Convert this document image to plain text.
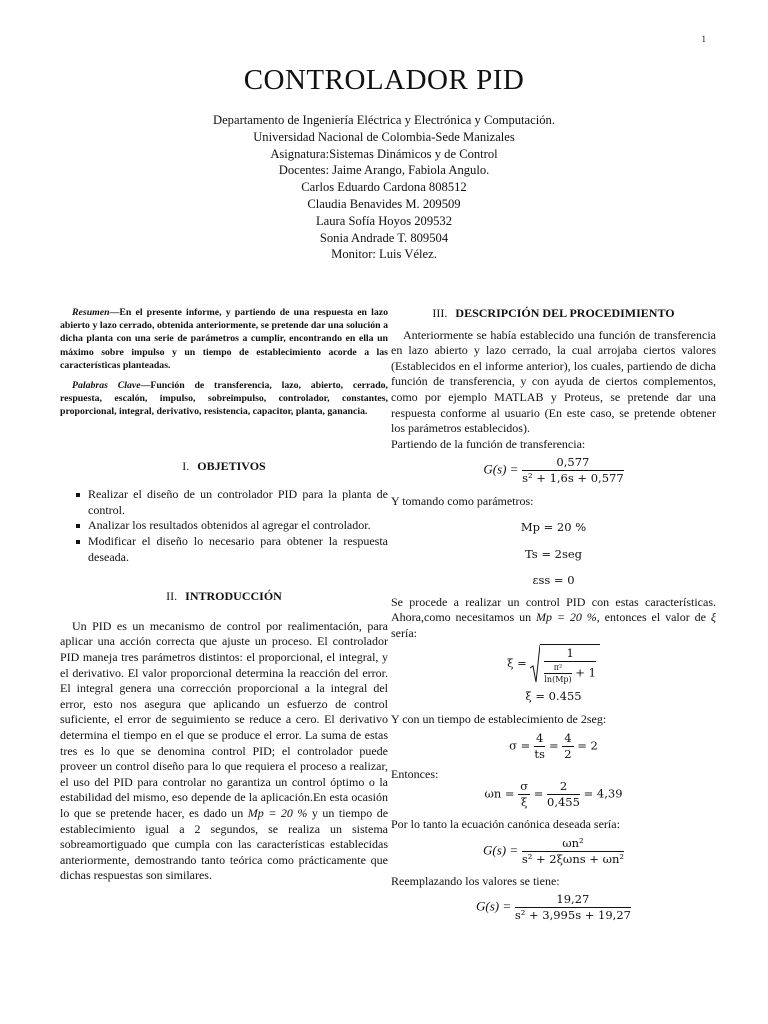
1
CONTROLADOR PID
Departamento de Ingeniería Eléctrica y Electrónica y Computación.
Universidad Nacional de Colombia-Sede Manizales
Asignatura:Sistemas Dinámicos y de Control
Docentes: Jaime Arango, Fabiola Angulo.
Carlos Eduardo Cardona 808512
Claudia Benavides M. 209509
Laura Sofía Hoyos 209532
Sonia Andrade T. 809504
Monitor: Luis Vélez.

Resumen—En el presente informe, y partiendo de una respuesta en lazo abierto y lazo cerrado, obtenida anteriormente, se pretende dar una solución a dicha planta con una serie de parámetros a cumplir, encontrando en ella un máximo sobre impulso y un tiempo de establecimiento acorde a las características planteadas.

Palabras Clave—Función de transferencia, lazo, abierto, cerrado, respuesta, escalón, impulso, sobreimpulso, controlador, constantes, proporcional, integral, derivativo, resistencia, capacitor, planta, ganancia.

I. OBJETIVOS
Realizar el diseño de un controlador PID para la planta de control.
Analizar los resultados obtenidos al agregar el controlador.
Modificar el diseño lo necesario para obtener la respuesta deseada.
II. INTRODUCCIÓN

Un PID es un mecanismo de control por realimentación, para aplicar una acción correcta que ajuste un proceso. El controlador PID maneja tres parámetros distintos: el proporcional, el integral, y el derivativo. El valor proporcional determina la reacción del error. El integral genera una corrección proporcional a la integral del error, esto nos asegura que aplicando un esfuerzo de control suficiente, el error de seguimiento se reduce a cero. El derivativo determina el tiempo en el que se produce el error. La suma de estas tres es lo que se denomina control PID; el controlador puede proveer un control diseño para lo que requiera el proceso a realizar, el uso del PID para controlar no garantiza un control óptimo o la estabilidad del mismo, eso depende de la aplicación.En esta ocasión lo que se pretende hacer, es dado un Mp = 20 % y un tiempo de establecimiento igual a 2 segundos, se realiza un sistema sobreamortiguado que cumpla con las características establecidas anteriormente, demostrando tanto teórica como prácticamente que dichas respuestas son similares.

III. DESCRIPCIÓN DEL PROCEDIMIENTO

Anteriormente se había establecido una función de transferencia en lazo abierto y lazo cerrado, la cual arrojaba ciertos valores (Establecidos en el informe anterior), los cuales, partiendo de dicha función de transferencia, y con ayuda de ciertos complementos, como por ejemplo MATLAB y Proteus, se pretende dar una respuesta conforme al usuario (En este caso, se pretende obtener los parámetros establecidos).

Partiendo de la función de transferencia:

$G(s) = \frac{0,577}{\text{s² + 1,6s + 0,577}}$

Y tomando como parámetros:

Mp = 20 %
Ts = 2seg
εss = 0

Se procede a realizar un control PID con estas características. Ahora,como necesitamos un Mp = 20 %, entonces el valor de ξ sería:

$\xi = \frac{1}{\frac{\text{π²}}{\ln(Mp)} + 1}$
ξ = 0.455

Y con un tiempo de establecimiento de 2seg:

$\sigma = \frac{4}{ts} = \frac{4}{2} = 2$

Entonces:

$\omega n = \frac{\sigma}{\xi} = \frac{2}{0,455} = 4,39$

Por lo tanto la ecuación canónica deseada sería:

$G(s) = \frac{\text{ωn²}}{\text{s² + 2ξωns + ωn²}}$

Reemplazando los valores se tiene:

$G(s) = \frac{19,27}{\text{s² + 3,995s + 19,27}}$
